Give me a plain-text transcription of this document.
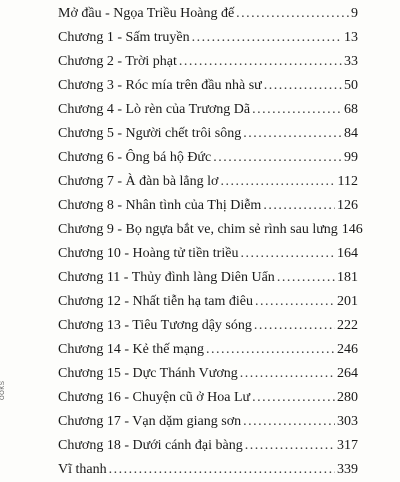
Mở đầu - Ngọa Triều Hoàng đế . . .	9
Chương 1 - Sấm truyền . . .	13
Chương 2 - Trời phạt . . .	33
Chương 3 - Róc mía trên đầu nhà sư . . .	50
Chương 4 - Lò rèn của Trương Dã . . .	68
Chương 5 - Người chết trôi sông . . .	84
Chương 6 - Ông bá hộ Đức . . .	99
Chương 7 - À đàn bà lẳng lơ . . .	112
Chương 8 - Nhân tình của Thị Diễm . . .	126
Chương 9 - Bọ ngựa bắt ve, chim sẻ rình sau lưng 146
Chương 10 - Hoàng tử tiền triều . . .	164
Chương 11 - Thủy đình làng Diên Uẩn . . .	181
Chương 12 - Nhất tiễn hạ tam điêu . . .	201
Chương 13 - Tiêu Tương dậy sóng . . .	222
Chương 14 - Kẻ thế mạng . . .	246
Chương 15 - Dực Thánh Vương . . .	264
Chương 16 - Chuyện cũ ở Hoa Lư . . .	280
Chương 17 - Vạn dặm giang sơn . . .	303
Chương 18 - Dưới cánh đại bàng . . .	317
Vĩ thanh . . .	339
OOKS
